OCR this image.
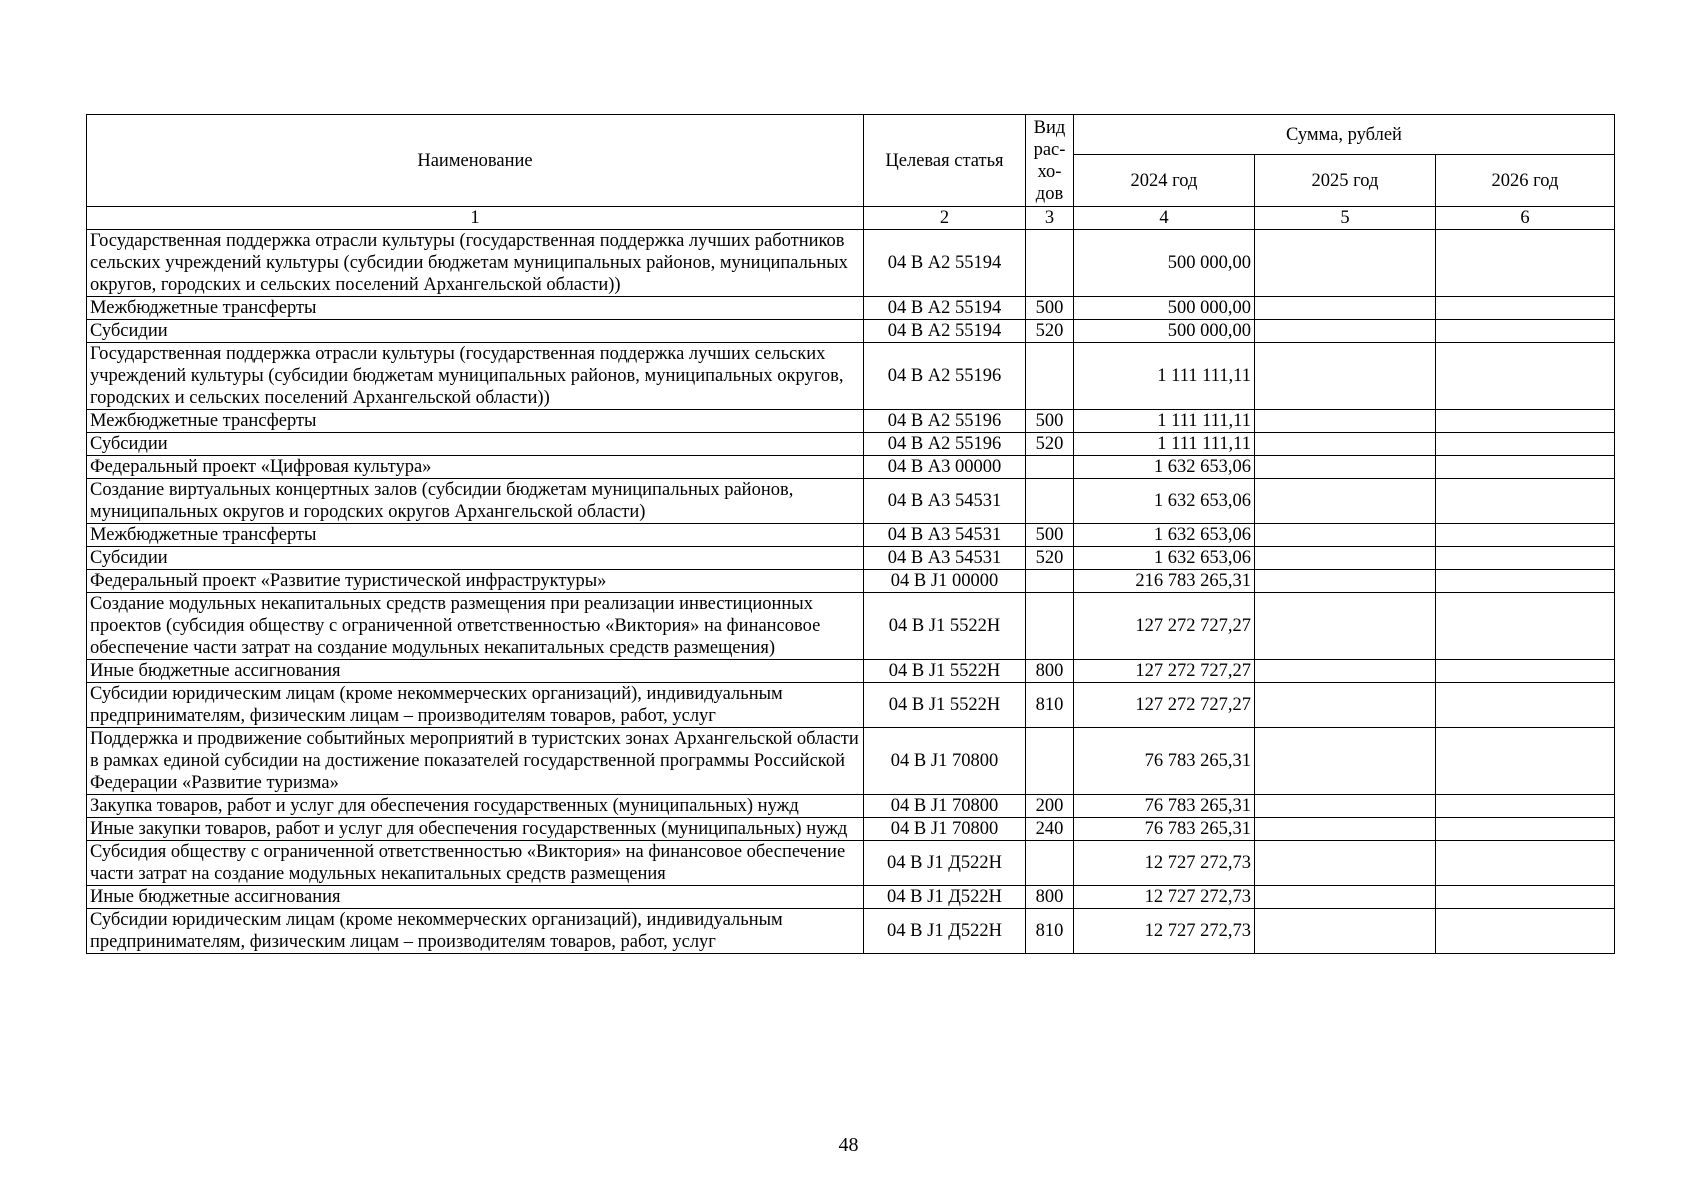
Наименование	Целевая статья	Вид
рас-
хо-
дов	Сумма, рублей		
			2024 год	2025 год	2026 год
1	2	3	4	5	6
Государственная поддержка отрасли культуры (государственная поддержка лучших работников сельских учреждений культуры (субсидии бюджетам муниципальных районов, муниципальных округов, городских и сельских поселений Архангельской области))	04 В А2 55194		500 000,00		
Межбюджетные трансферты	04 В А2 55194	500	500 000,00		
Субсидии	04 В А2 55194	520	500 000,00		
Государственная поддержка отрасли культуры (государственная поддержка лучших сельских учреждений культуры (субсидии бюджетам муниципальных районов, муниципальных округов, городских и сельских поселений Архангельской области))	04 В А2 55196		1 111 111,11		
Межбюджетные трансферты	04 В А2 55196	500	1 111 111,11		
Субсидии	04 В А2 55196	520	1 111 111,11		
Федеральный проект «Цифровая культура»	04 В А3 00000		1 632 653,06		
Создание виртуальных концертных залов (субсидии бюджетам муниципальных районов, муниципальных округов и городских округов Архангельской области)	04 В А3 54531		1 632 653,06		
Межбюджетные трансферты	04 В А3 54531	500	1 632 653,06		
Субсидии	04 В А3 54531	520	1 632 653,06		
Федеральный проект «Развитие туристической инфраструктуры»	04 В J1 00000		216 783 265,31		
Создание модульных некапитальных средств размещения при реализации инвестиционных проектов (субсидия обществу с ограниченной ответственностью «Виктория» на финансовое обеспечение части затрат на создание модульных некапитальных средств размещения)	04 В J1 5522Н		127 272 727,27		
Иные бюджетные ассигнования	04 В J1 5522Н	800	127 272 727,27		
Субсидии юридическим лицам (кроме некоммерческих организаций), индивидуальным предпринимателям, физическим лицам – производителям товаров, работ, услуг	04 В J1 5522Н	810	127 272 727,27		
Поддержка и продвижение событийных мероприятий в туристских зонах Архангельской области в рамках единой субсидии на достижение показателей государственной программы Российской Федерации «Развитие туризма»	04 В J1 70800		76 783 265,31		
Закупка товаров, работ и услуг для обеспечения государственных (муниципальных) нужд	04 В J1 70800	200	76 783 265,31		
Иные закупки товаров, работ и услуг для обеспечения государственных (муниципальных) нужд	04 В J1 70800	240	76 783 265,31		
Субсидия обществу с ограниченной ответственностью «Виктория» на финансовое обеспечение части затрат на создание модульных некапитальных средств размещения	04 В J1 Д522Н		12 727 272,73		
Иные бюджетные ассигнования	04 В J1 Д522Н	800	12 727 272,73		
Субсидии юридическим лицам (кроме некоммерческих организаций), индивидуальным предпринимателям, физическим лицам – производителям товаров, работ, услуг	04 В J1 Д522Н	810	12 727 272,73		
48
